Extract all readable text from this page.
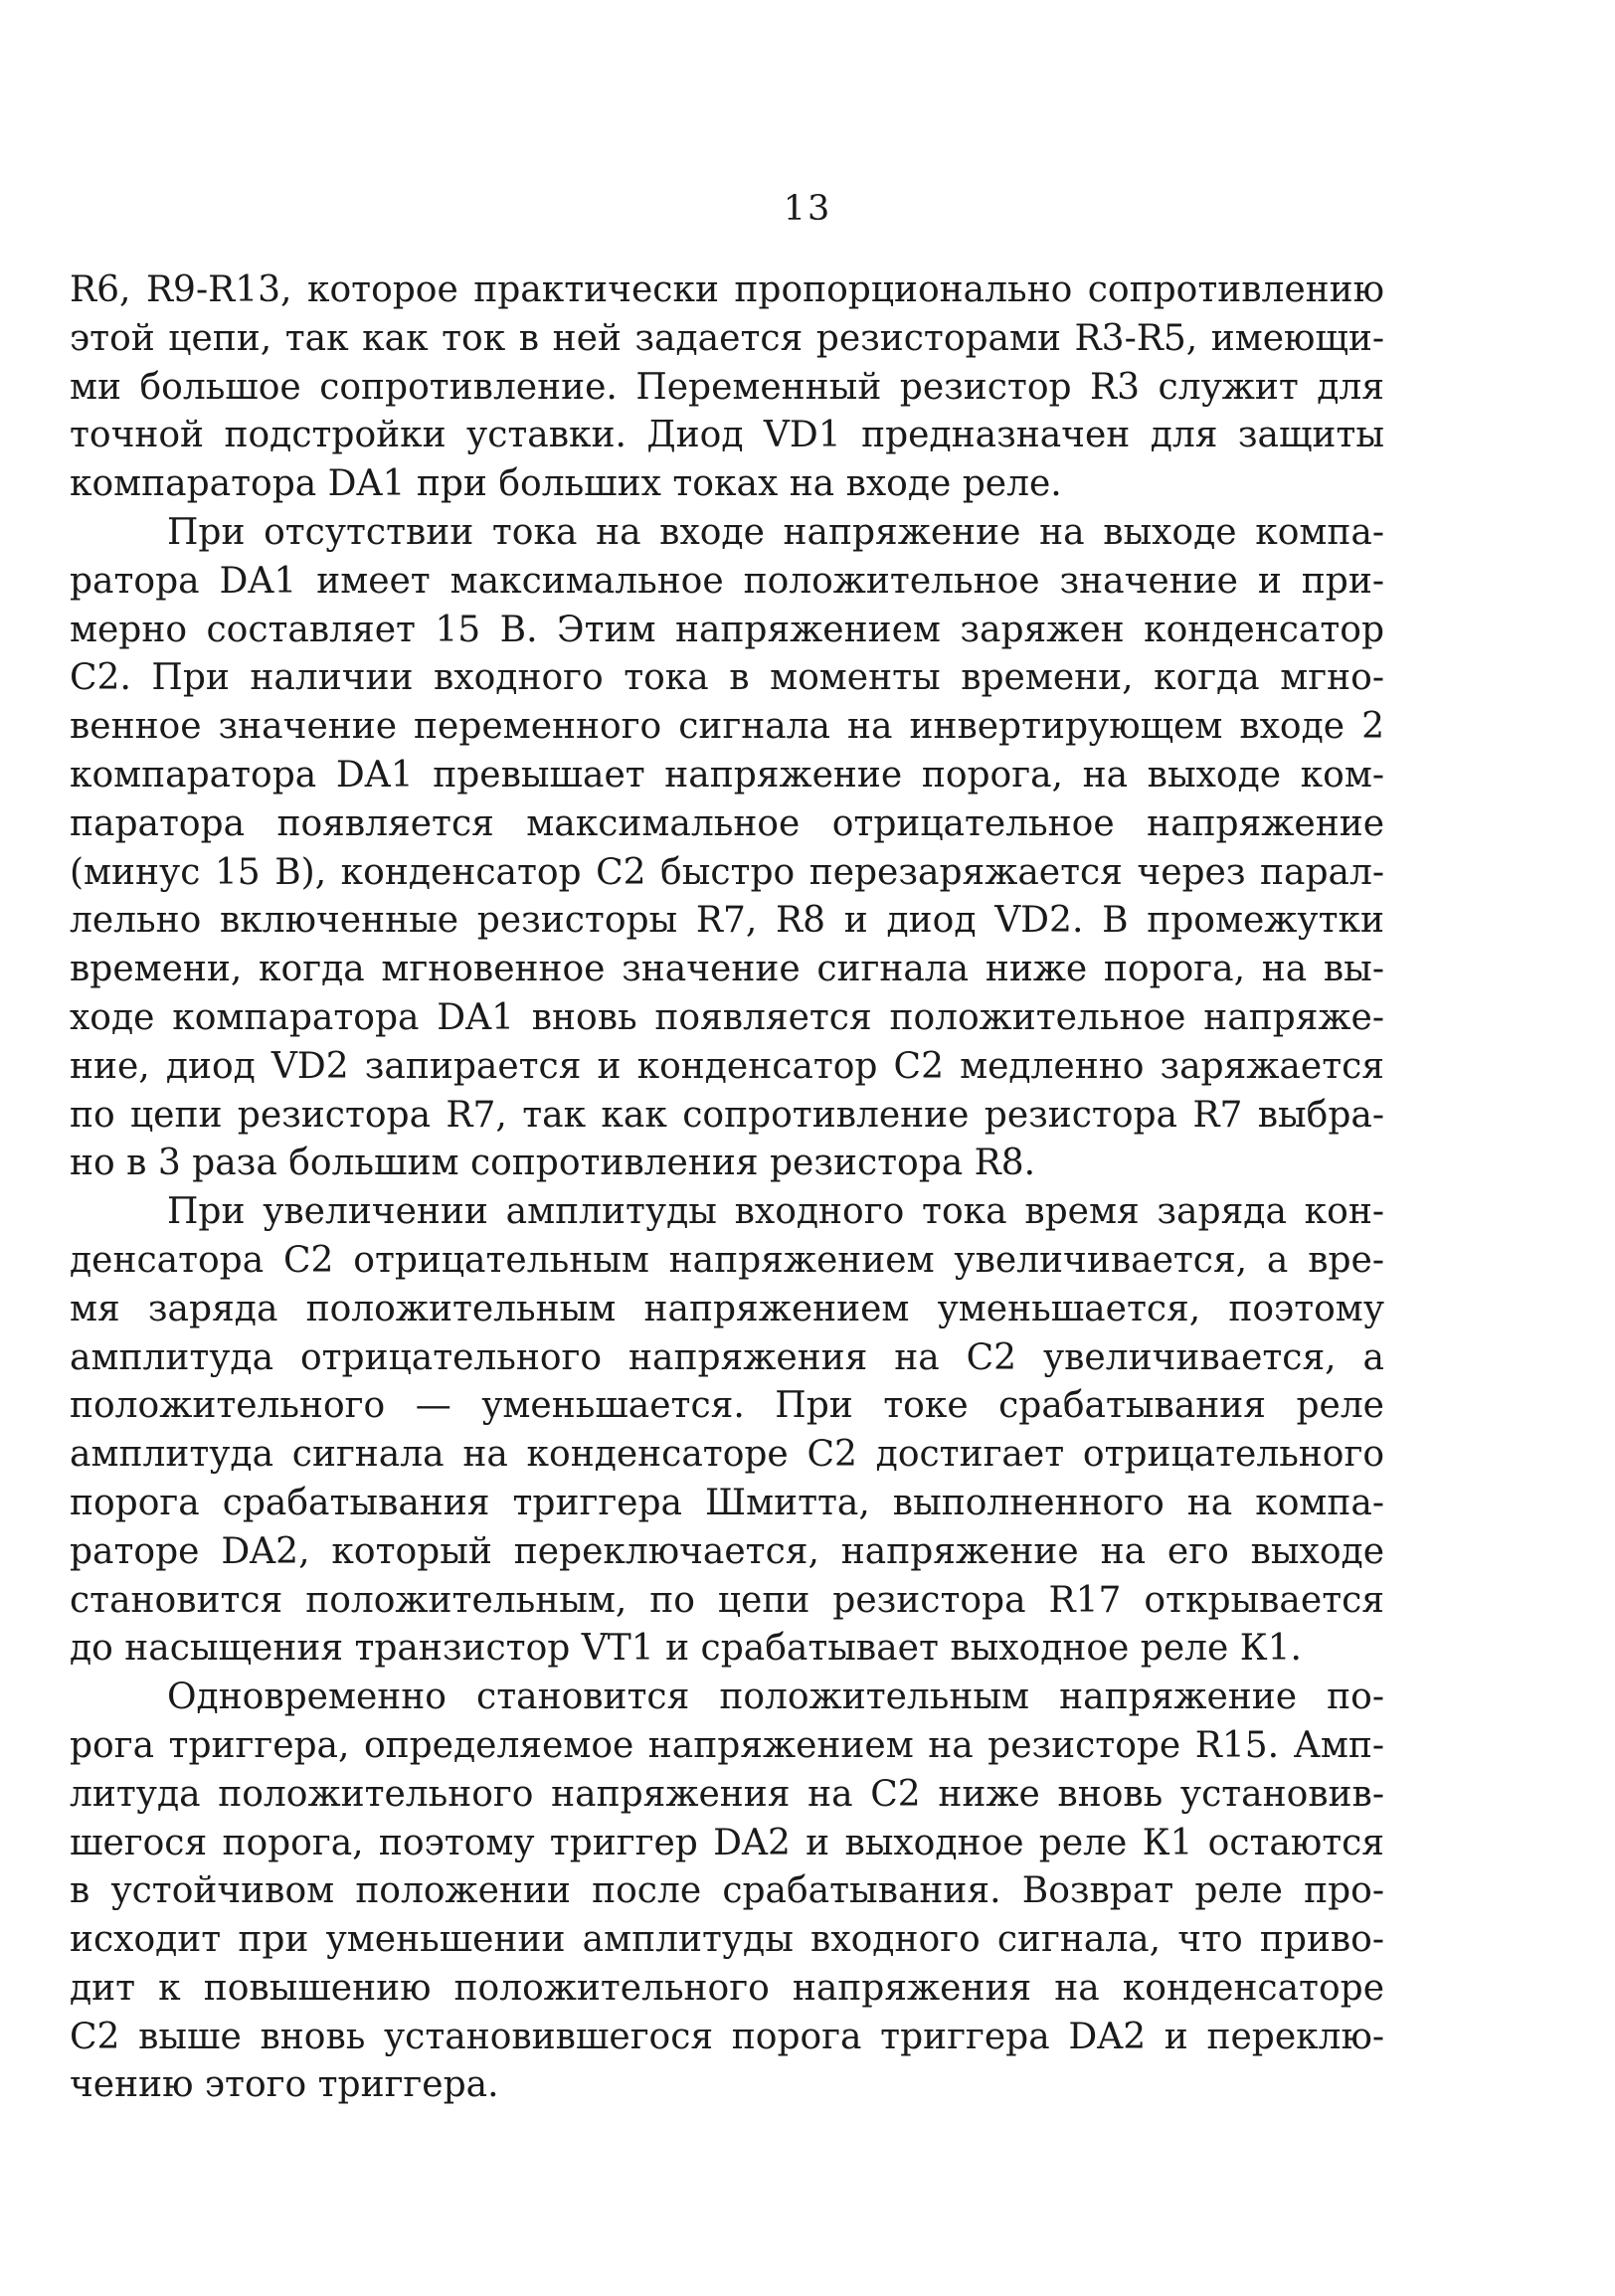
13
R6, R9-R13, которое практически пропорционально сопротивлению
этой цепи, так как ток в ней задается резисторами R3-R5, имеющи-
ми большое сопротивление. Переменный резистор R3 служит для
точной подстройки уставки. Диод VD1 предназначен для защиты
компаратора DA1 при больших токах на входе реле.
При отсутствии тока на входе напряжение на выходе компа-
ратора DA1 имеет максимальное положительное значение и при-
мерно составляет 15 В. Этим напряжением заряжен конденсатор
С2. При наличии входного тока в моменты времени, когда мгно-
венное значение переменного сигнала на инвертирующем входе 2
компаратора DA1 превышает напряжение порога, на выходе ком-
паратора появляется максимальное отрицательное напряжение
(минус 15 В), конденсатор С2 быстро перезаряжается через парал-
лельно включенные резисторы R7, R8 и диод VD2. В промежутки
времени, когда мгновенное значение сигнала ниже порога, на вы-
ходе компаратора DA1 вновь появляется положительное напряже-
ние, диод VD2 запирается и конденсатор С2 медленно заряжается
по цепи резистора R7, так как сопротивление резистора R7 выбра-
но в 3 раза большим сопротивления резистора R8.
При увеличении амплитуды входного тока время заряда кон-
денсатора С2 отрицательным напряжением увеличивается, а вре-
мя заряда положительным напряжением уменьшается, поэтому
амплитуда отрицательного напряжения на С2 увеличивается, а
положительного — уменьшается. При токе срабатывания реле
амплитуда сигнала на конденсаторе С2 достигает отрицательного
порога срабатывания триггера Шмитта, выполненного на компа-
раторе DA2, который переключается, напряжение на его выходе
становится положительным, по цепи резистора R17 открывается
до насыщения транзистор VT1 и срабатывает выходное реле К1.
Одновременно становится положительным напряжение по-
рога триггера, определяемое напряжением на резисторе R15. Амп-
литуда положительного напряжения на С2 ниже вновь установив-
шегося порога, поэтому триггер DA2 и выходное реле К1 остаются
в устойчивом положении после срабатывания. Возврат реле про-
исходит при уменьшении амплитуды входного сигнала, что приво-
дит к повышению положительного напряжения на конденсаторе
С2 выше вновь установившегося порога триггера DA2 и переклю-
чению этого триггера.
